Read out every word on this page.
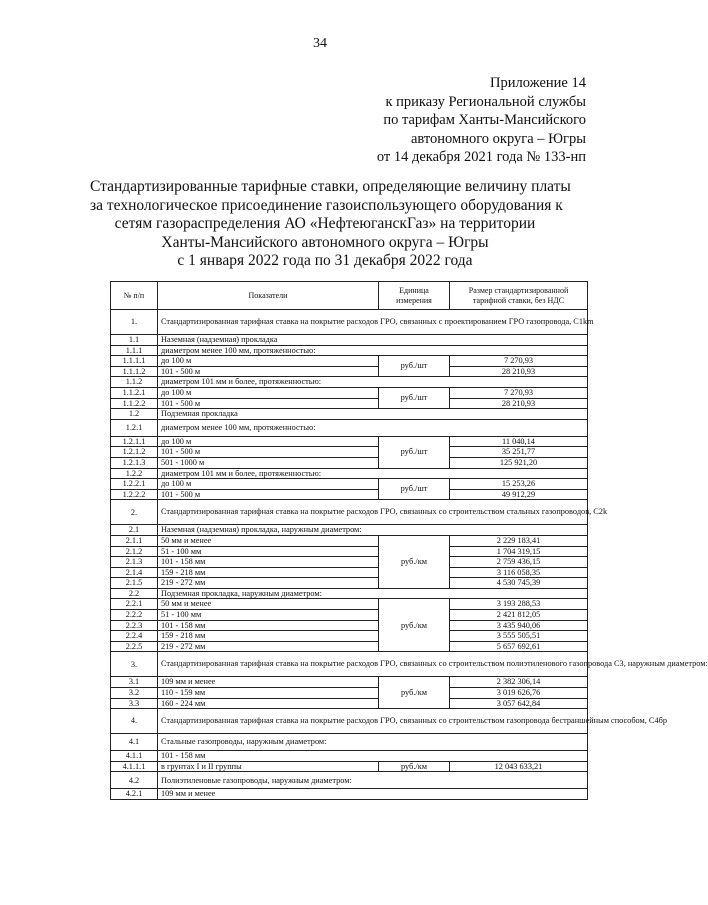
34
Приложение 14
к приказу Региональной службы
по тарифам Ханты-Мансийского
автономного округа – Югры
от 14 декабря 2021 года № 133-нп
Стандартизированные тарифные ставки, определяющие величину платы
за технологическое присоединение газоиспользующего оборудования к
сетям газораспределения АО «НефтеюганскГаз» на территории
Ханты-Мансийского автономного округа – Югры
с 1 января 2022 года по 31 декабря 2022 года
№ п/п	Показатели	Единица измерения	Размер стандартизированной тарифной ставки, без НДС
1.	Стандартизированная тарифная ставка на покрытие расходов ГРО, связанных с проектированием ГРО газопровода, C1km		
1.1	Наземная (надземная) прокладка		
1.1.1	диаметром менее 100 мм, протяженностью:		
1.1.1.1	до 100 м	руб./шт	7 270,93
1.1.1.2	101 - 500 м		28 210,93
1.1.2	диаметром 101 мм и более, протяженностью:		
1.1.2.1	до 100 м	руб./шт	7 270,93
1.1.2.2	101 - 500 м		28 210,93
1.2	Подземная прокладка		
1.2.1	диаметром менее 100 мм, протяженностью:		
1.2.1.1	до 100 м	руб./шт	11 040,14
1.2.1.2	101 - 500 м		35 251,77
1.2.1.3	501 - 1000 м		125 921,20
1.2.2	диаметром 101 мм и более, протяженностью:		
1.2.2.1	до 100 м	руб./шт	15 253,26
1.2.2.2	101 - 500 м		49 912,29
2.	Стандартизированная тарифная ставка на покрытие расходов ГРО, связанных со строительством стальных газопроводов, C2k		
2.1	Наземная (надземная) прокладка, наружным диаметром:		
2.1.1	50 мм и менее	руб./км	2 229 183,41
2.1.2	51 - 100 мм		1 704 319,15
2.1.3	101 - 158 мм		2 759 436,15
2.1.4	159 - 218 мм		3 116 058,35
2.1.5	219 - 272 мм		4 530 745,39
2.2	Подземная прокладка, наружным диаметром:		
2.2.1	50 мм и менее	руб./км	3 193 288,53
2.2.2	51 - 100 мм		2 421 812,05
2.2.3	101 - 158 мм		3 435 940,06
2.2.4	159 - 218 мм		3 555 505,51
2.2.5	219 - 272 мм		5 657 692,61
3.	Стандартизированная тарифная ставка на покрытие расходов ГРО, связанных со строительством полиэтиленового газопровода C3, наружным диаметром:		
3.1	109 мм и менее	руб./км	2 382 306,14
3.2	110 - 159 мм		3 019 626,76
3.3	160 - 224 мм		3 057 642,84
4.	Стандартизированная тарифная ставка на покрытие расходов ГРО, связанных со строительством газопровода бестраншейным способом, C4бр		
4.1	Стальные газопроводы, наружным диаметром:		
4.1.1	101 - 158 мм		
4.1.1.1	в грунтах I и II группы	руб./км	12 043 633,21
4.2	Полиэтиленовые газопроводы, наружным диаметром:		
4.2.1	109 мм и менее		
